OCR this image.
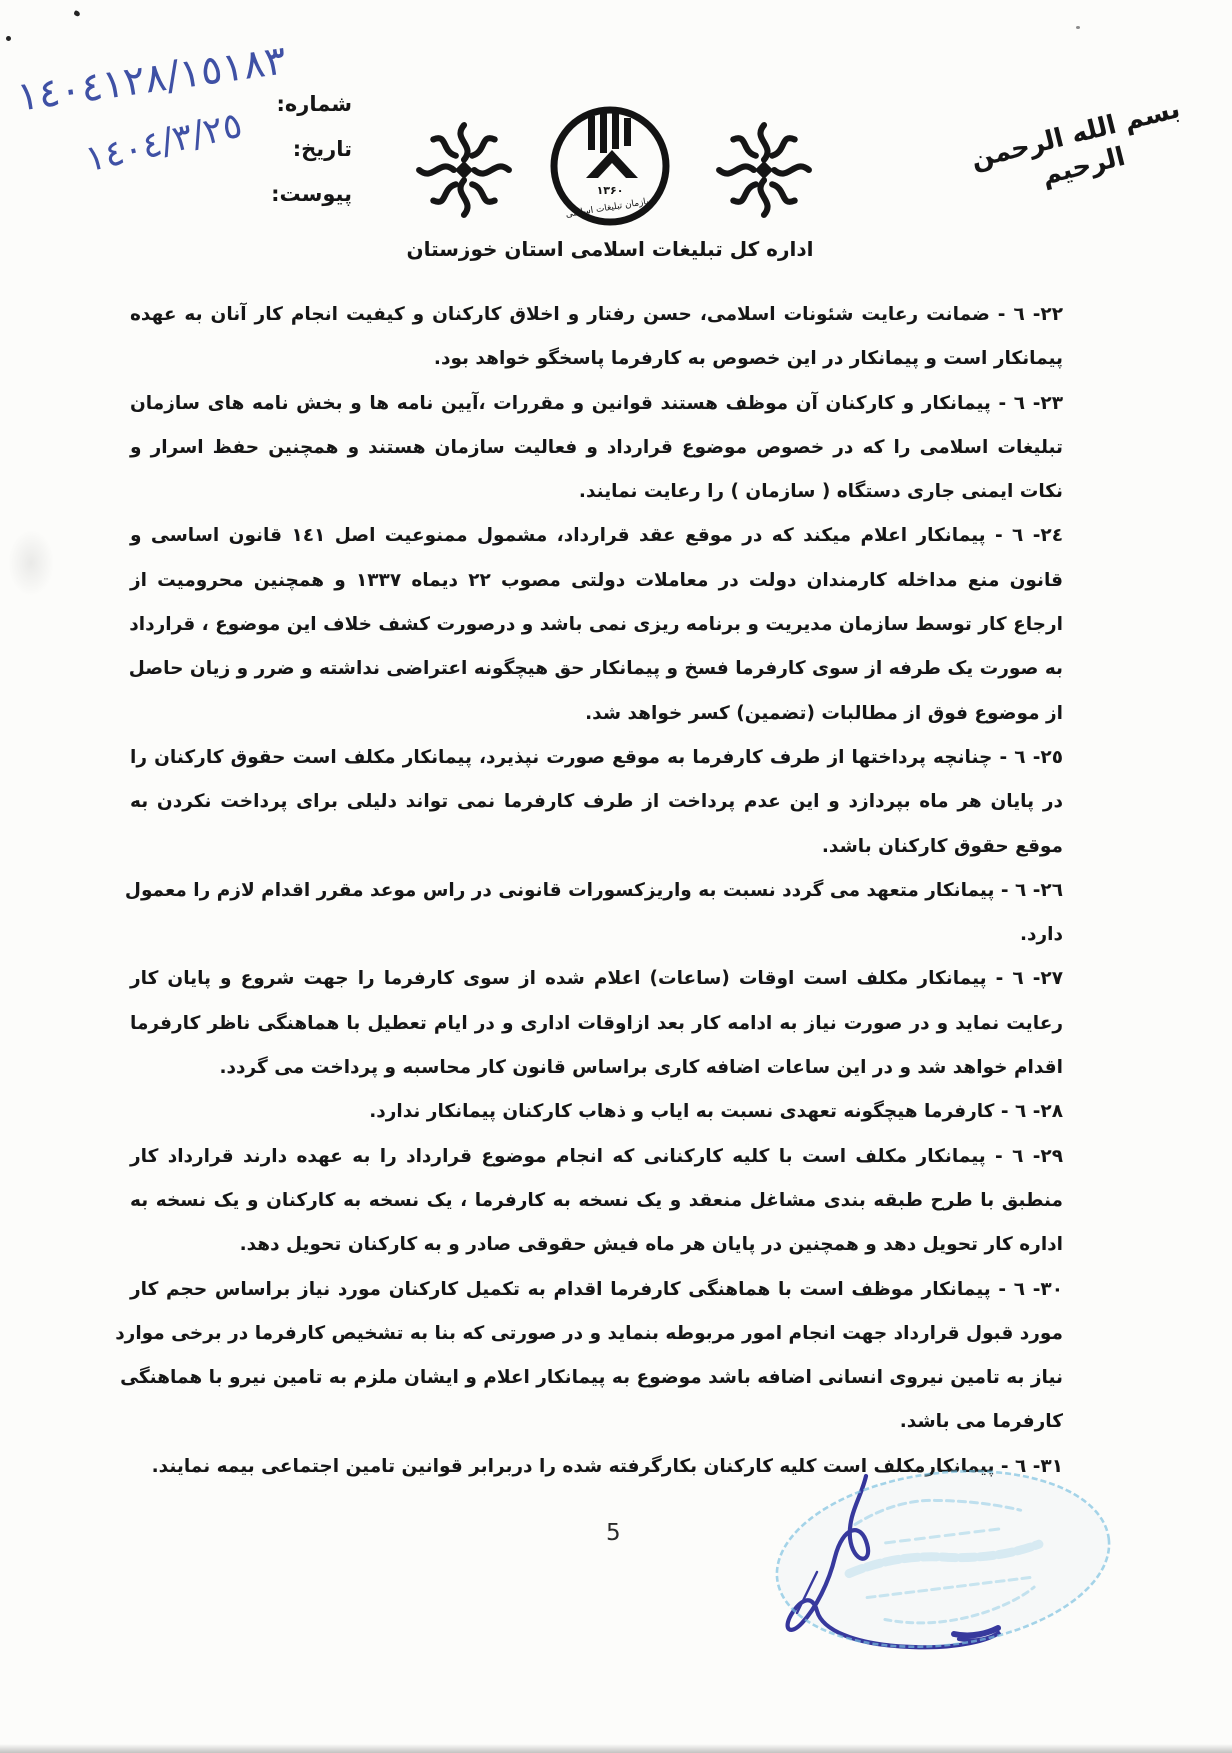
١٤٠٤١٢٨/١٥١٨٣
١٤٠٤/٣/٢٥
شماره:
تاریخ:
پیوست:	۱۳۶۰
سازمان تبلیغات اسلامی
بسم الله الرحمن الرحیم
اداره کل تبلیغات اسلامی استان خوزستان
٢٢- ٦ - ضمانت رعایت شئونات اسلامی، حسن رفتار و اخلاق کارکنان و کیفیت انجام کار آنان به عهده
پیمانکار است و پیمانکار در این خصوص به کارفرما پاسخگو خواهد بود.
٢٣- ٦ - پیمانکار و کارکنان آن موظف هستند قوانین و مقررات ،آیین نامه ها و بخش نامه های سازمان
تبلیغات اسلامی را که در خصوص موضوع قرارداد و فعالیت سازمان هستند و همچنین حفظ اسرار و
نکات ایمنی جاری دستگاه ( سازمان ) را رعایت نمایند.
٢٤- ٦ - پیمانکار اعلام میکند که در موقع عقد قرارداد، مشمول ممنوعیت اصل ١٤١ قانون اساسی و
قانون منع مداخله کارمندان دولت در معاملات دولتی مصوب ٢٢ دیماه ١٣٣٧ و همچنین محرومیت از
ارجاع کار توسط سازمان مدیریت و برنامه ریزی نمی باشد و درصورت کشف خلاف این موضوع ، قرارداد
به صورت یک طرفه از سوی کارفرما فسخ و پیمانکار حق هیچگونه اعتراضی نداشته و ضرر و زیان حاصل
از موضوع فوق از مطالبات (تضمین) کسر خواهد شد.
٢٥- ٦ - چنانچه پرداختها از طرف کارفرما به موقع صورت نپذیرد، پیمانکار مکلف است حقوق کارکنان را
در پایان هر ماه بپردازد و این عدم پرداخت از طرف کارفرما نمی تواند دلیلی برای پرداخت نکردن به
موقع حقوق کارکنان باشد.
٢٦- ٦ - پیمانکار متعهد می گردد نسبت به واریزکسورات قانونی در راس موعد مقرر اقدام لازم را معمول
دارد.
٢٧- ٦ - پیمانکار مکلف است اوقات (ساعات) اعلام شده از سوی کارفرما را جهت شروع و پایان کار
رعایت نماید و در صورت نیاز به ادامه کار بعد ازاوقات اداری و در ایام تعطیل با هماهنگی ناظر کارفرما
اقدام خواهد شد و در این ساعات اضافه کاری براساس قانون کار محاسبه و پرداخت می گردد.
٢٨- ٦ - کارفرما هیچگونه تعهدی نسبت به ایاب و ذهاب کارکنان پیمانکار ندارد.
٢٩- ٦ - پیمانکار مکلف است با کلیه کارکنانی که انجام موضوع قرارداد را به عهده دارند قرارداد کار
منطبق با طرح طبقه بندی مشاغل منعقد و یک نسخه به کارفرما ، یک نسخه به کارکنان و یک نسخه به
اداره کار تحویل دهد و همچنین در پایان هر ماه فیش حقوقی صادر و به کارکنان تحویل دهد.
٣٠- ٦ - پیمانکار موظف است با هماهنگی کارفرما اقدام به تکمیل کارکنان مورد نیاز براساس حجم کار
مورد قبول قرارداد جهت انجام امور مربوطه بنماید و در صورتی که بنا به تشخیص کارفرما در برخی موارد
نیاز به تامین نیروی انسانی اضافه باشد موضوع به پیمانکار اعلام و ایشان ملزم به تامین نیرو با هماهنگی
کارفرما می باشد.
٣١- ٦ - پیمانکارمکلف است کلیه کارکنان بکارگرفته شده را دربرابر قوانین تامین اجتماعی بیمه نمایند.
5
